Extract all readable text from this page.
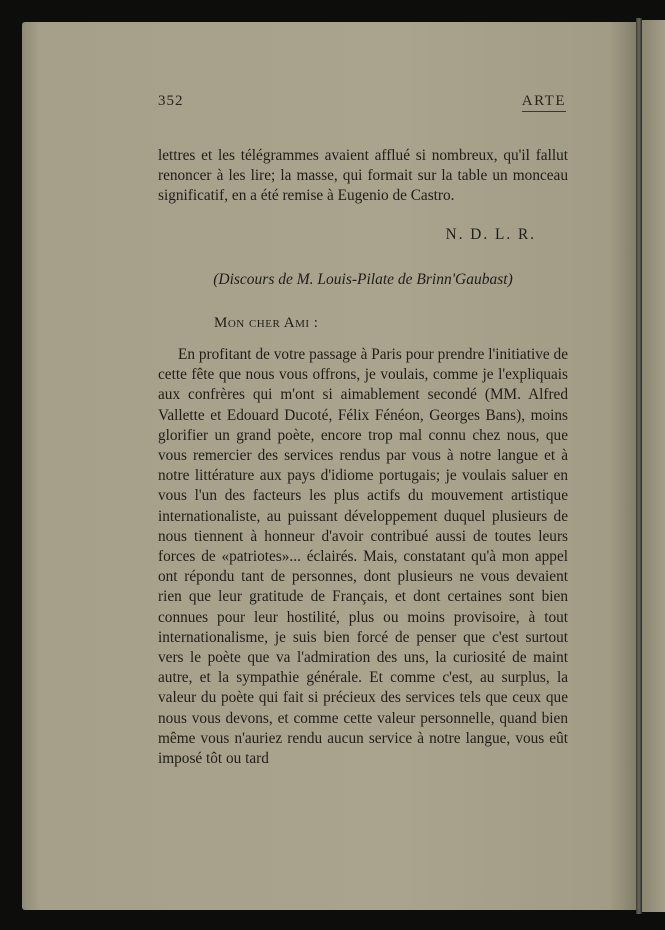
352	ARTE
lettres et les télégrammes avaient afflué si nombreux, qu'il fallut renoncer à les lire; la masse, qui formait sur la table un monceau significatif, en a été remise à Eugenio de Castro.
N. D. L. R.
(Discours de M. Louis-Pilate de Brinn'Gaubast)
Mon cher Ami :
En profitant de votre passage à Paris pour prendre l'initiative de cette fête que nous vous offrons, je voulais, comme je l'expliquais aux confrères qui m'ont si aimablement secondé (MM. Alfred Vallette et Edouard Ducoté, Félix Fénéon, Georges Bans), moins glorifier un grand poète, encore trop mal connu chez nous, que vous remercier des services rendus par vous à notre langue et à notre littérature aux pays d'idiome portugais; je voulais saluer en vous l'un des facteurs les plus actifs du mouvement artistique internationaliste, au puissant développement duquel plusieurs de nous tiennent à honneur d'avoir contribué aussi de toutes leurs forces de «patriotes»... éclairés. Mais, constatant qu'à mon appel ont répondu tant de personnes, dont plusieurs ne vous devaient rien que leur gratitude de Français, et dont certaines sont bien connues pour leur hostilité, plus ou moins provisoire, à tout internationalisme, je suis bien forcé de penser que c'est surtout vers le poète que va l'admiration des uns, la curiosité de maint autre, et la sympathie générale. Et comme c'est, au surplus, la valeur du poète qui fait si précieux des services tels que ceux que nous vous devons, et comme cette valeur personnelle, quand bien même vous n'auriez rendu aucun service à notre langue, vous eût imposé tôt ou tard
